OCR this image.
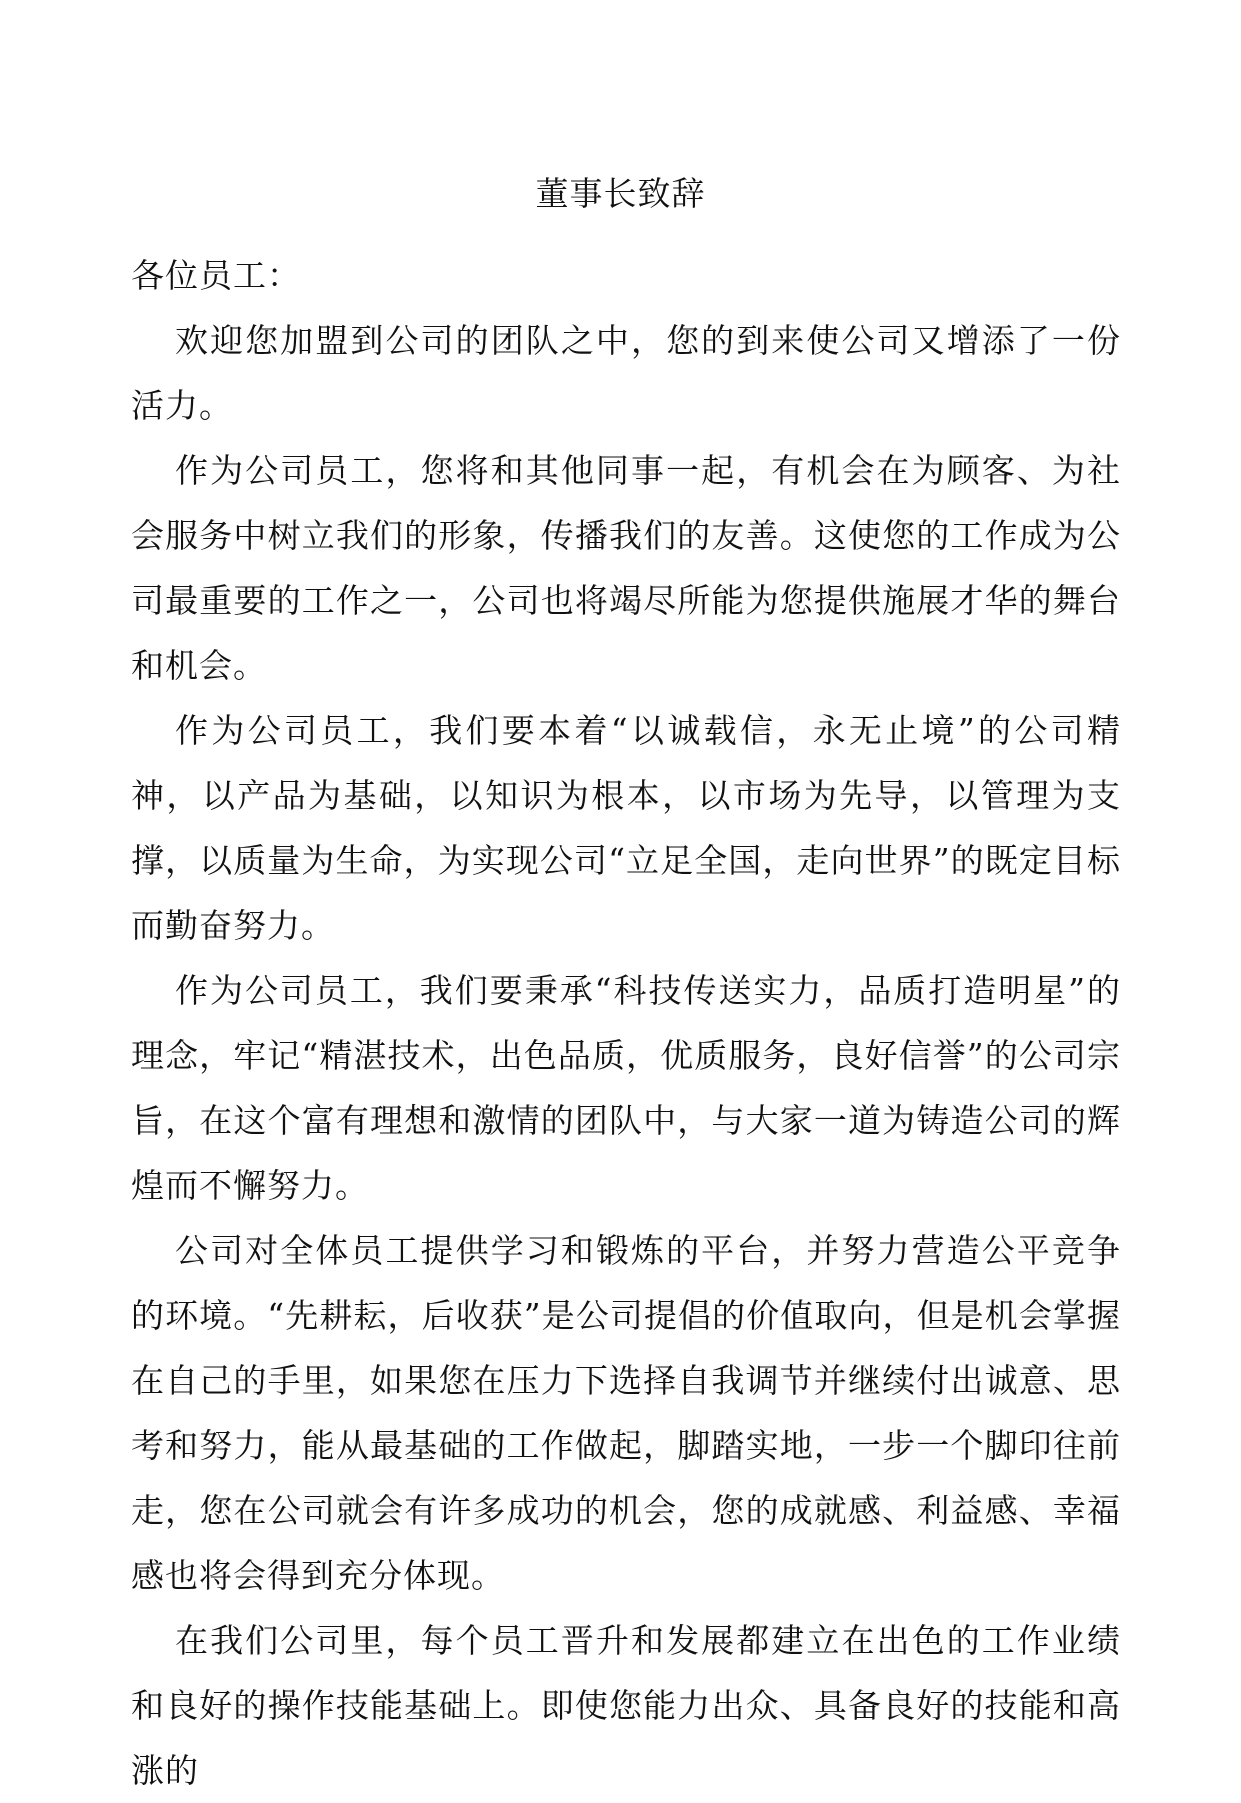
董事长致辞

各位员工：

欢迎您加盟到公司的团队之中，您的到来使公司又增添了一份活力。

作为公司员工，您将和其他同事一起，有机会在为顾客、为社会服务中树立我们的形象，传播我们的友善。这使您的工作成为公司最重要的工作之一，公司也将竭尽所能为您提供施展才华的舞台和机会。

作为公司员工，我们要本着“以诚载信，永无止境”的公司精神，以产品为基础，以知识为根本，以市场为先导，以管理为支撑，以质量为生命，为实现公司“立足全国，走向世界”的既定目标而勤奋努力。

作为公司员工，我们要秉承“科技传送实力，品质打造明星”的理念，牢记“精湛技术，出色品质，优质服务，良好信誉”的公司宗旨，在这个富有理想和激情的团队中，与大家一道为铸造公司的辉煌而不懈努力。

公司对全体员工提供学习和锻炼的平台，并努力营造公平竞争的环境。“先耕耘，后收获”是公司提倡的价值取向，但是机会掌握在自己的手里，如果您在压力下选择自我调节并继续付出诚意、思考和努力，能从最基础的工作做起，脚踏实地，一步一个脚印往前走，您在公司就会有许多成功的机会，您的成就感、利益感、幸福感也将会得到充分体现。

在我们公司里，每个员工晋升和发展都建立在出色的工作业绩和良好的操作技能基础上。即使您能力出众、具备良好的技能和高涨的
